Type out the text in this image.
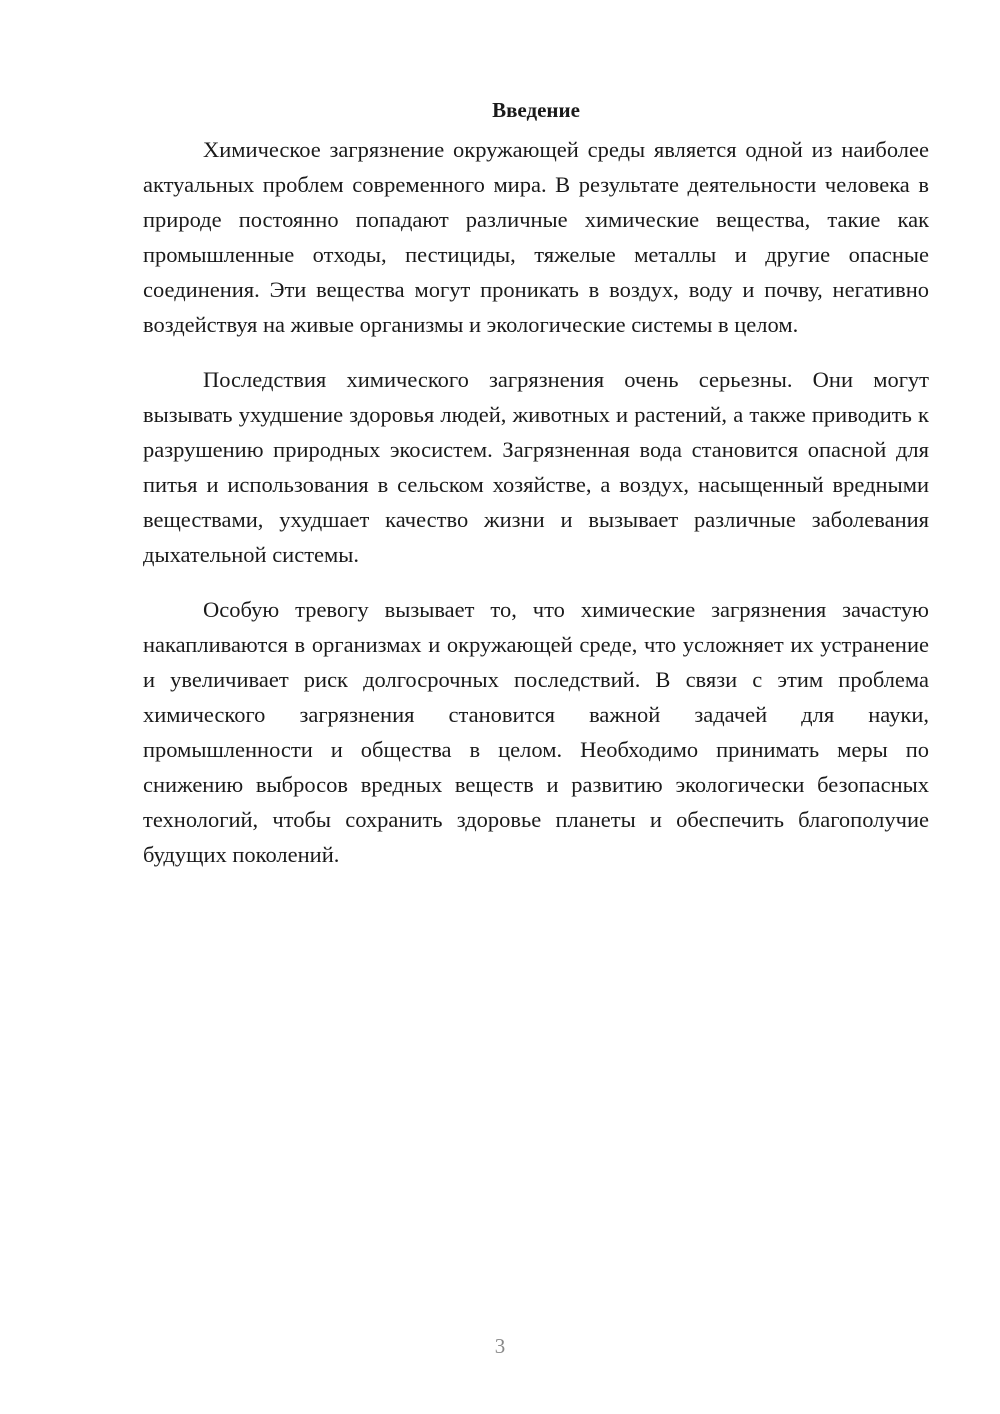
Введение

Химическое загрязнение окружающей среды является одной из наиболее актуальных проблем современного мира. В результате деятельности человека в природе постоянно попадают различные химические вещества, такие как промышленные отходы, пестициды, тяжелые металлы и другие опасные соединения. Эти вещества могут проникать в воздух, воду и почву, негативно воздействуя на живые организмы и экологические системы в целом.

Последствия химического загрязнения очень серьезны. Они могут вызывать ухудшение здоровья людей, животных и растений, а также приводить к разрушению природных экосистем. Загрязненная вода становится опасной для питья и использования в сельском хозяйстве, а воздух, насыщенный вредными веществами, ухудшает качество жизни и вызывает различные заболевания дыхательной системы.

Особую тревогу вызывает то, что химические загрязнения зачастую накапливаются в организмах и окружающей среде, что усложняет их устранение и увеличивает риск долгосрочных последствий. В связи с этим проблема химического загрязнения становится важной задачей для науки, промышленности и общества в целом. Необходимо принимать меры по снижению выбросов вредных веществ и развитию экологически безопасных технологий, чтобы сохранить здоровье планеты и обеспечить благополучие будущих поколений.

3
